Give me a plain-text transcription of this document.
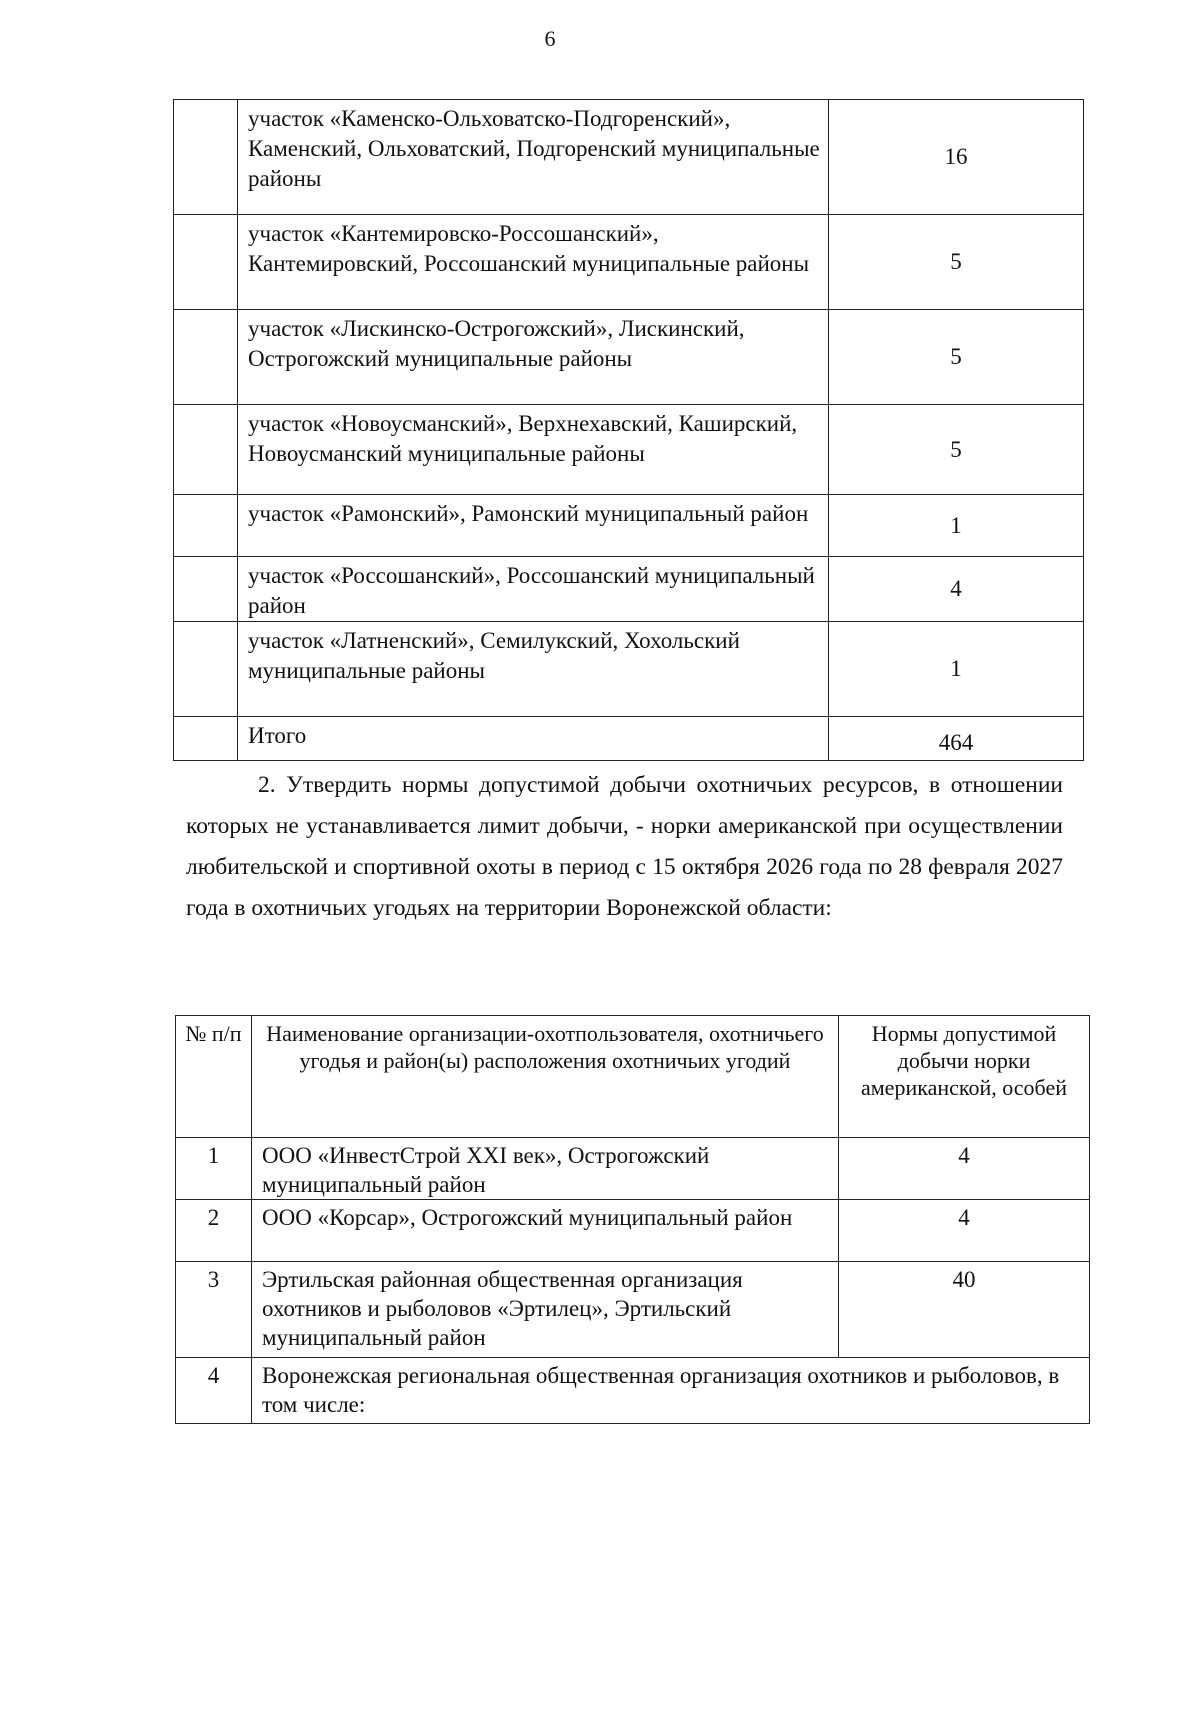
6
	участок «Каменско-Ольховатско-Подгоренский», Каменский, Ольховатский, Подгоренский муниципальные районы	16
	участок «Кантемировско-Россошанский», Кантемировский, Россошанский муниципальные районы	5
	участок «Лискинско-Острогожский», Лискинский, Острогожский муниципальные районы	5
	участок «Новоусманский», Верхнехавский, Каширский, Новоусманский муниципальные районы	5
	участок «Рамонский», Рамонский муниципальный район	1
	участок «Россошанский», Россошанский муниципальный район	4
	участок «Латненский», Семилукский, Хохольский муниципальные районы	1
	Итого	464
2. Утвердить нормы допустимой добычи охотничьих ресурсов, в отношении которых не устанавливается лимит добычи, - норки американской при осуществлении любительской и спортивной охоты в период с 15 октября 2026 года по 28 февраля 2027 года в охотничьих угодьях на территории Воронежской области:
№ п/п	Наименование организации-охотпользователя, охотничьего угодья и район(ы) расположения охотничьих угодий	Нормы допустимой добычи норки американской, особей
1	ООО «ИнвестСтрой XXI век», Острогожский муниципальный район	4
2	ООО «Корсар», Острогожский муниципальный район	4
3	Эртильская районная общественная организация охотников и рыболовов «Эртилец», Эртильский муниципальный район	40
4	Воронежская региональная общественная организация охотников и рыболовов, в том числе:	
